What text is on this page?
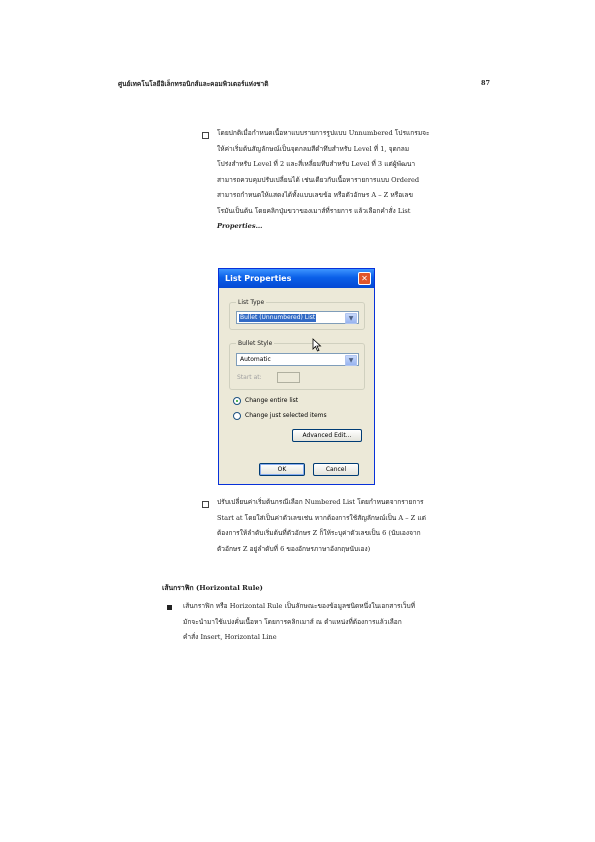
ศูนย์เทคโนโลยีอิเล็กทรอนิกส์และคอมพิวเตอร์แห่งชาติ	87

โดยปกติเมื่อกำหนดเนื้อหาแบบรายการรูปแบบ Unnumbered โปรแกรมจะ

ให้ค่าเริ่มต้นสัญลักษณ์เป็นจุดกลมสีดำทึบสำหรับ Level ที่ 1, จุดกลม

โปร่งสำหรับ Level ที่ 2 และสี่เหลี่ยมทึบสำหรับ Level ที่ 3 แต่ผู้พัฒนา

สามารถควบคุมปรับเปลี่ยนได้ เช่นเดียวกับเนื้อหารายการแบบ Ordered

สามารถกำหนดให้แสดงได้ทั้งแบบเลขข้อ หรือตัวอักษร A – Z หรือเลข

โรมันเป็นต้น โดยคลิกปุ่มขวาของเมาส์ที่รายการ แล้วเลือกคำสั่ง List

Properties...

List Properties	✕
List Type
Bullet (Unnumbered) List	▼
Bullet Style
Automatic	▼
Start at:
Change entire list
Change just selected items
Advanced Edit...
OK	Cancel

ปรับเปลี่ยนค่าเริ่มต้นกรณีเลือก Numbered List โดยกำหนดจากรายการ

Start at โดยใส่เป็นค่าตัวเลขเช่น หากต้องการใช้สัญลักษณ์เป็น A – Z แต่

ต้องการให้ลำดับเริ่มต้นที่ตัวอักษร Z ก็ให้ระบุค่าตัวเลขเป็น 6 (นับเองจาก

ตัวอักษร Z อยู่ลำดับที่ 6 ของอักษรภาษาอังกฤษนับเอง)

เส้นกราฟิก (Horizontal Rule)

เส้นกราฟิก หรือ Horizontal Rule เป็นลักษณะของข้อมูลชนิดหนึ่งในเอกสารเว็บที่

มักจะนำมาใช้แบ่งคั่นเนื้อหา โดยการคลิกเมาส์ ณ ตำแหน่งที่ต้องการแล้วเลือก

คำสั่ง Insert, Horizontal Line
